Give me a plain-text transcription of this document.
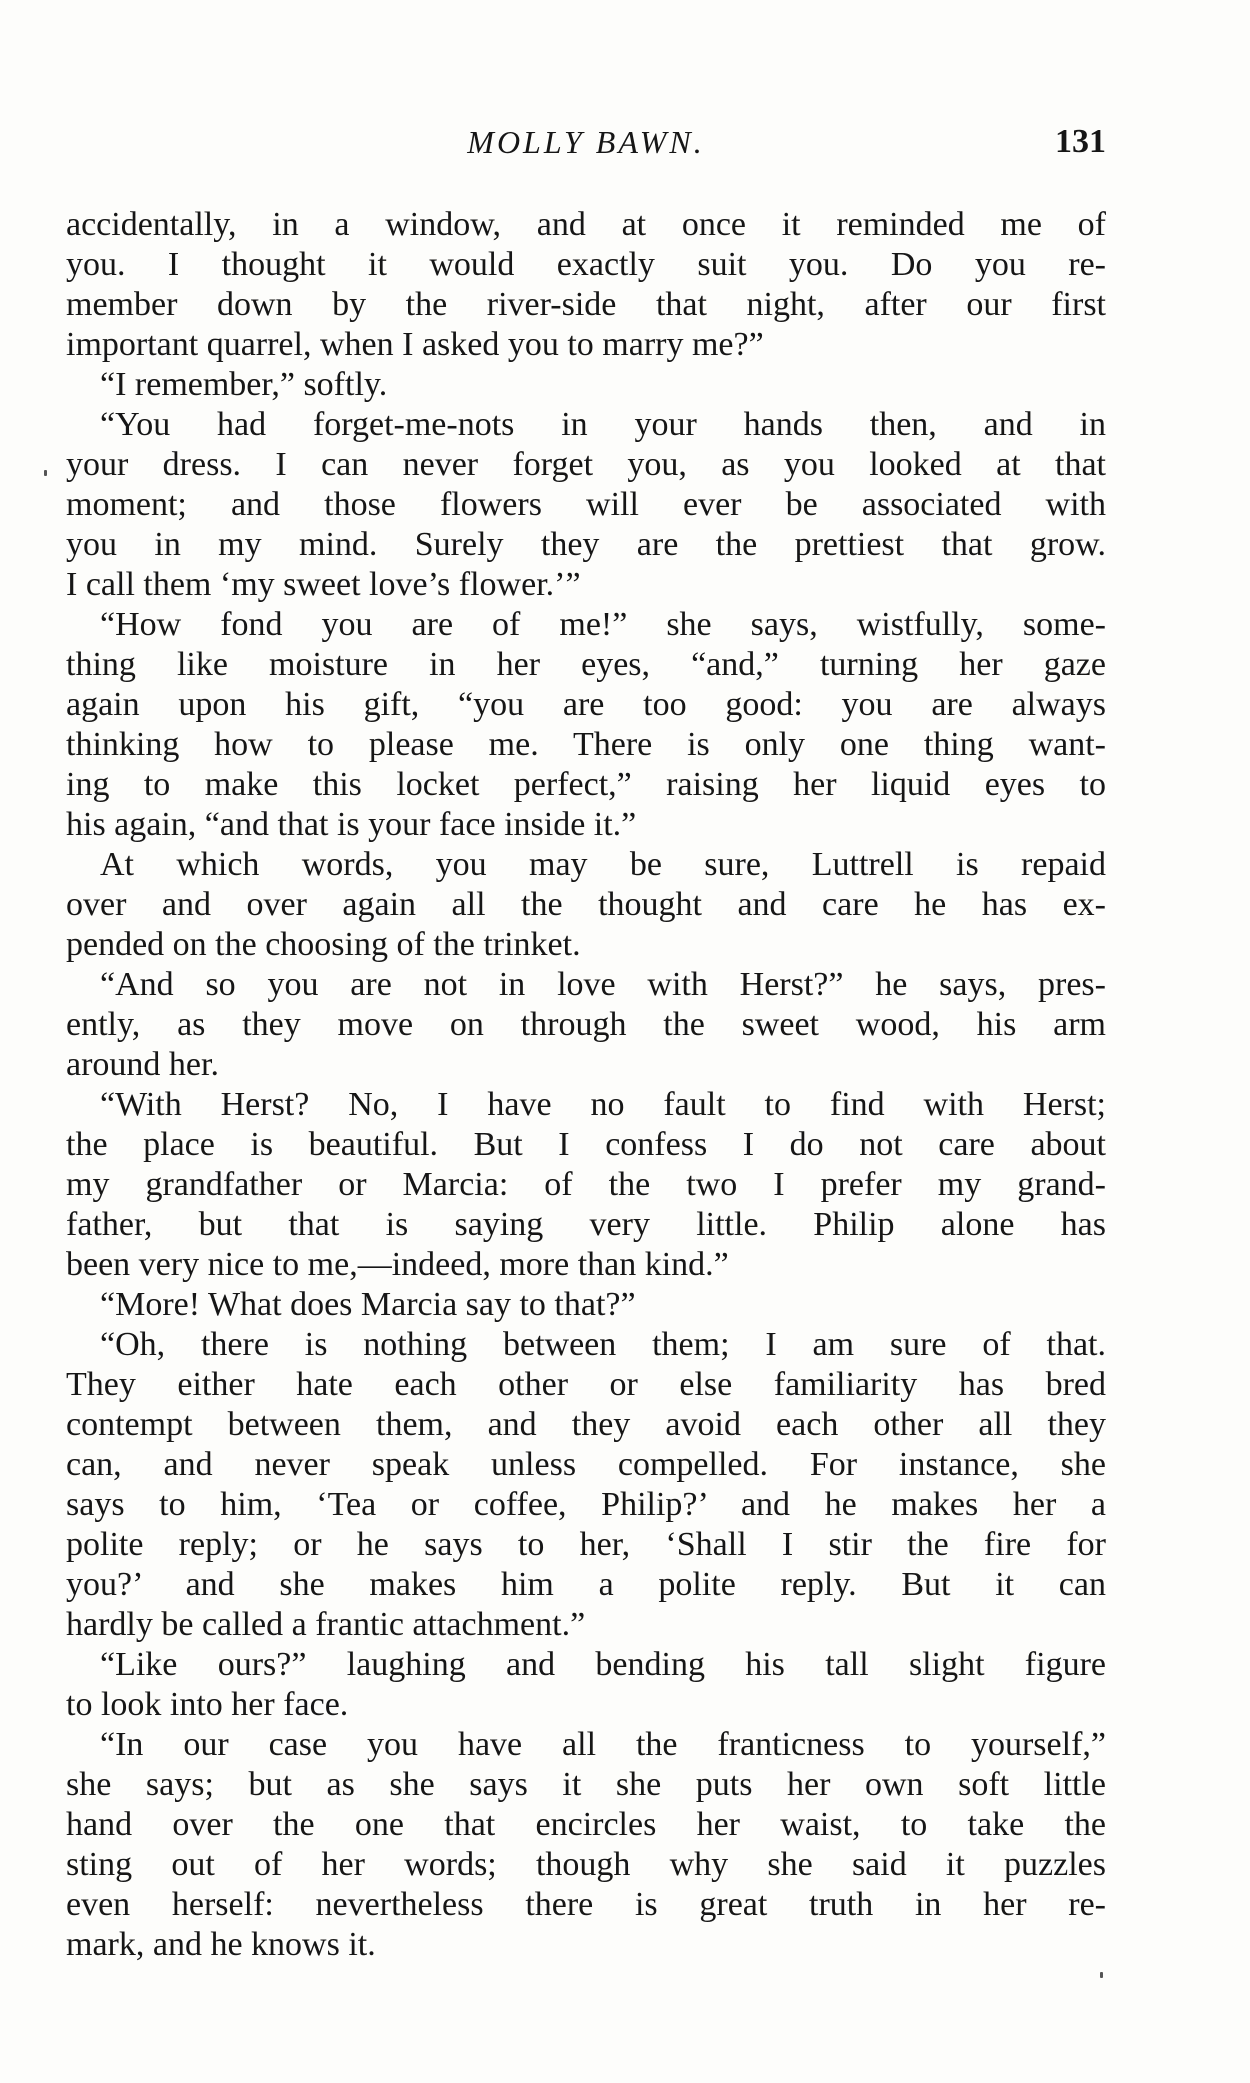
MOLLY BAWN.	131
accidentally, in a window, and at once it reminded me of
you. I thought it would exactly suit you. Do you re-
member down by the river-side that night, after our first
important quarrel, when I asked you to marry me?”
“I remember,” softly.
“You had forget-me-nots in your hands then, and in
your dress. I can never forget you, as you looked at that
moment; and those flowers will ever be associated with
you in my mind. Surely they are the prettiest that grow.
I call them ‘my sweet love’s flower.’”
“How fond you are of me!” she says, wistfully, some-
thing like moisture in her eyes, “and,” turning her gaze
again upon his gift, “you are too good: you are always
thinking how to please me. There is only one thing want-
ing to make this locket perfect,” raising her liquid eyes to
his again, “and that is your face inside it.”
At which words, you may be sure, Luttrell is repaid
over and over again all the thought and care he has ex-
pended on the choosing of the trinket.
“And so you are not in love with Herst?” he says, pres-
ently, as they move on through the sweet wood, his arm
around her.
“With Herst? No, I have no fault to find with Herst;
the place is beautiful. But I confess I do not care about
my grandfather or Marcia: of the two I prefer my grand-
father, but that is saying very little. Philip alone has
been very nice to me,—indeed, more than kind.”
“More! What does Marcia say to that?”
“Oh, there is nothing between them; I am sure of that.
They either hate each other or else familiarity has bred
contempt between them, and they avoid each other all they
can, and never speak unless compelled. For instance, she
says to him, ‘Tea or coffee, Philip?’ and he makes her a
polite reply; or he says to her, ‘Shall I stir the fire for
you?’ and she makes him a polite reply. But it can
hardly be called a frantic attachment.”
“Like ours?” laughing and bending his tall slight figure
to look into her face.
“In our case you have all the franticness to yourself,”
she says; but as she says it she puts her own soft little
hand over the one that encircles her waist, to take the
sting out of her words; though why she said it puzzles
even herself: nevertheless there is great truth in her re-
mark, and he knows it.
